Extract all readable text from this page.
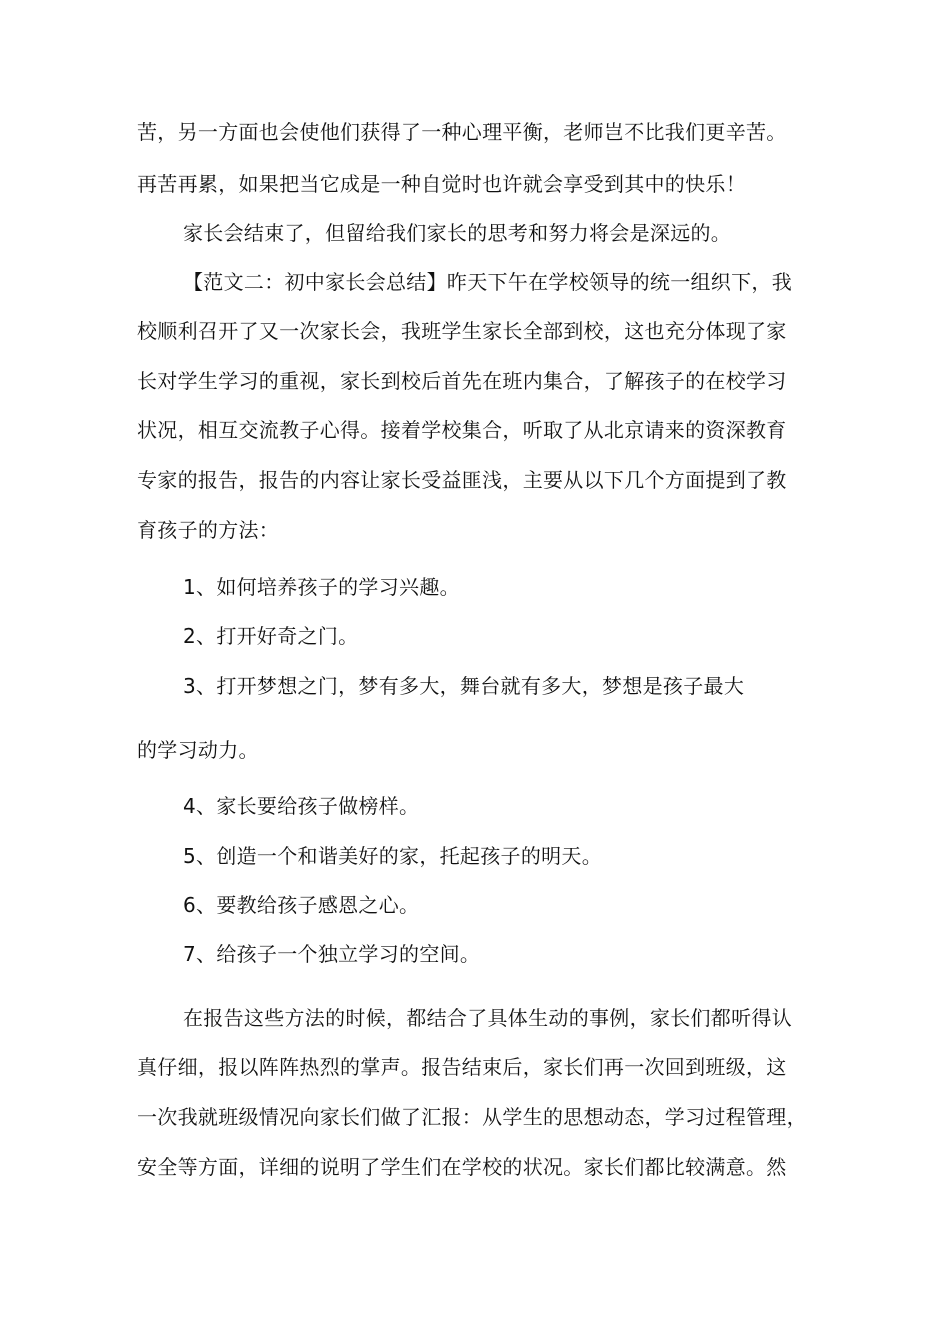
苦，另一方面也会使他们获得了一种心理平衡，老师岂不比我们更辛苦。
再苦再累，如果把当它成是一种自觉时也许就会享受到其中的快乐！
家长会结束了，但留给我们家长的思考和努力将会是深远的。
【范文二：初中家长会总结】昨天下午在学校领导的统一组织下，我
校顺利召开了又一次家长会，我班学生家长全部到校，这也充分体现了家
长对学生学习的重视，家长到校后首先在班内集合，了解孩子的在校学习
状况，相互交流教子心得。接着学校集合，听取了从北京请来的资深教育
专家的报告，报告的内容让家长受益匪浅，主要从以下几个方面提到了教
育孩子的方法：
1、如何培养孩子的学习兴趣。
2、打开好奇之门。
3、打开梦想之门，梦有多大，舞台就有多大，梦想是孩子最大
的学习动力。
4、家长要给孩子做榜样。
5、创造一个和谐美好的家，托起孩子的明天。
6、要教给孩子感恩之心。
7、给孩子一个独立学习的空间。
在报告这些方法的时候，都结合了具体生动的事例，家长们都听得认
真仔细，报以阵阵热烈的掌声。报告结束后，家长们再一次回到班级，这
一次我就班级情况向家长们做了汇报：从学生的思想动态，学习过程管理，
安全等方面，详细的说明了学生们在学校的状况。家长们都比较满意。然
